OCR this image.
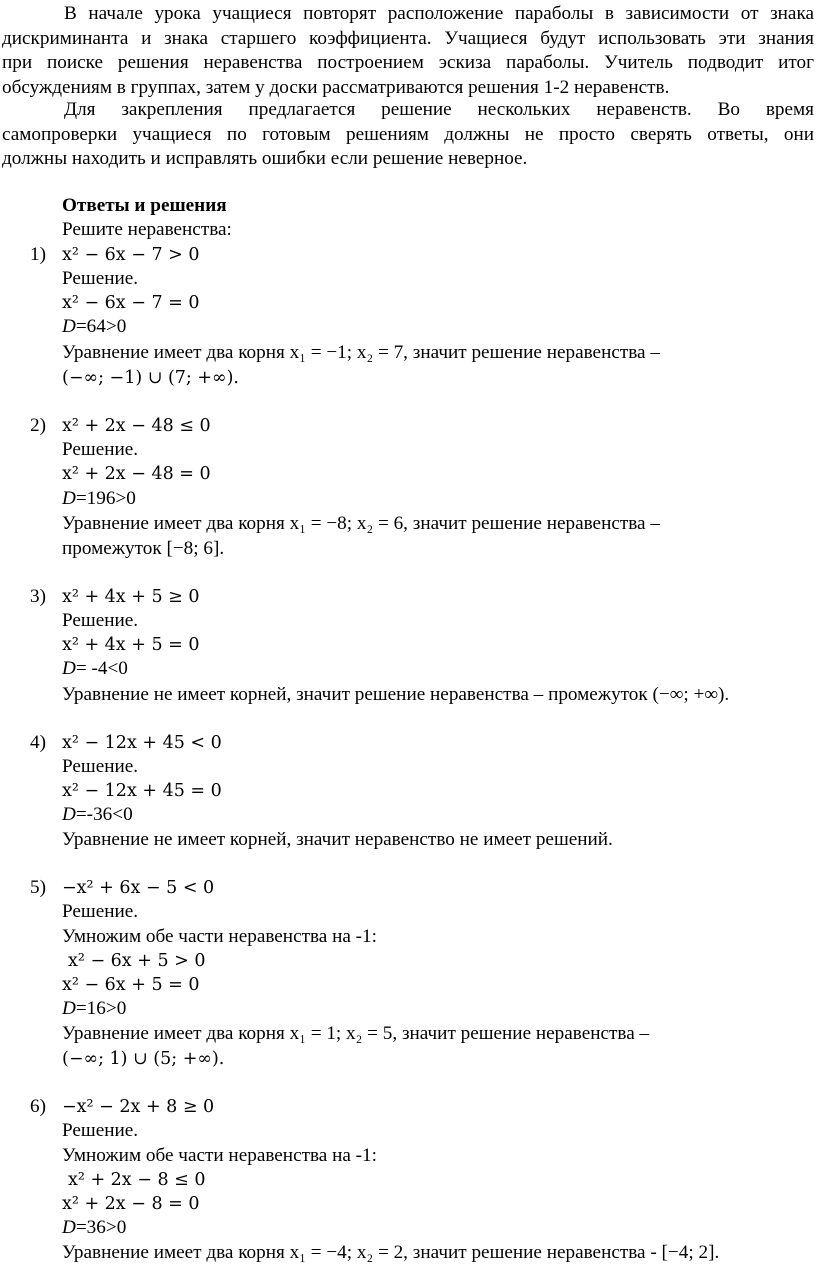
В начале урока учащиеся повторят расположение параболы в зависимости от знака
дискриминанта и знака старшего коэффициента. Учащиеся будут использовать эти знания
при поиске решения неравенства построением эскиза параболы. Учитель подводит итог
обсуждениям в группах, затем у доски рассматриваются решения 1-2 неравенств.
Для закрепления предлагается решение нескольких неравенств. Во время
самопроверки учащиеся по готовым решениям должны не просто сверять ответы, они
должны находить и исправлять ошибки если решение неверное.
Ответы и решения
Решите неравенства:
1) x² − 6x − 7 > 0
Решение.
x² − 6x − 7 = 0
D=64>0
Уравнение имеет два корня x₁ = −1; x₂ = 7, значит решение неравенства –
(−∞; −1) ∪ (7; +∞).
2) x² + 2x − 48 ≤ 0
Решение.
x² + 2x − 48 = 0
D=196>0
Уравнение имеет два корня x₁ = −8; x₂ = 6, значит решение неравенства –
промежуток [−8; 6].
3) x² + 4x + 5 ≥ 0
Решение.
x² + 4x + 5 = 0
D= -4<0
Уравнение не имеет корней, значит решение неравенства – промежуток (−∞; +∞).
4) x² − 12x + 45 < 0
Решение.
x² − 12x + 45 = 0
D=-36<0
Уравнение не имеет корней, значит неравенство не имеет решений.
5) −x² + 6x − 5 < 0
Решение.
Умножим обе части неравенства на -1:
x² − 6x + 5 > 0
x² − 6x + 5 = 0
D=16>0
Уравнение имеет два корня x₁ = 1; x₂ = 5, значит решение неравенства –
(−∞; 1) ∪ (5; +∞).
6) −x² − 2x + 8 ≥ 0
Решение.
Умножим обе части неравенства на -1:
x² + 2x − 8 ≤ 0
x² + 2x − 8 = 0
D=36>0
Уравнение имеет два корня x₁ = −4; x₂ = 2, значит решение неравенства - [−4; 2].
